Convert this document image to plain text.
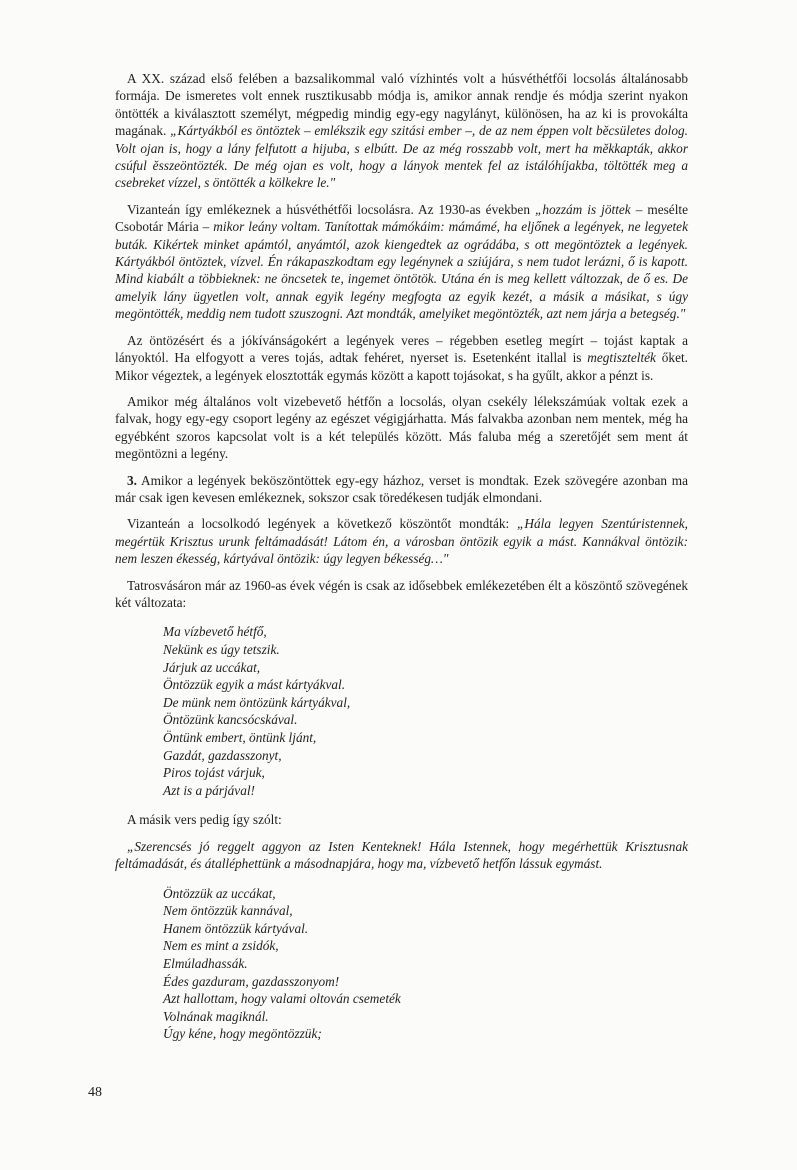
A XX. század első felében a bazsalikommal való vízhintés volt a húsvéthétfői locsolás általánosabb formája. De ismeretes volt ennek rusztikusabb módja is, amikor annak rendje és módja szerint nyakon öntötték a kiválasztott személyt, mégpedig mindig egy-egy nagylányt, különösen, ha az ki is provokálta magának. „Kártyákból es öntöztek – emlékszik egy szitási ember –, de az nem éppen volt bĕcsületes dolog. Volt ojan is, hogy a lány felfutott a hijuba, s elbútt. De az még rosszabb volt, mert ha mĕkkapták, akkor csúful ĕsszeöntözték. De még ojan es volt, hogy a lányok mentek fel az istálóhíjakba, töltötték meg a csebreket vízzel, s öntötték a kölkekre le."

Vizanteán így emlékeznek a húsvéthétfői locsolásra. Az 1930-as években „hozzám is jöttek – mesélte Csobotár Mária – mikor leány voltam. Tanítottak mámókáim: mámámé, ha eljőnek a legények, ne legyetek buták. Kikértek minket apámtól, anyámtól, azok kiengedtek az ográdába, s ott megöntöztek a legények. Kártyákból öntöztek, vízvel. Én rákapaszkodtam egy legénynek a sziújára, s nem tudot lerázni, ő is kapott. Mind kiabált a többieknek: ne öncsetek te, ingemet öntötök. Utána én is meg kellett változzak, de ő es. De amelyik lány ügyetlen volt, annak egyik legény megfogta az egyik kezét, a másik a másikat, s úgy megöntötték, meddig nem tudott szuszogni. Azt mondták, amelyiket megöntözték, azt nem járja a betegség."

Az öntözésért és a jókívánságokért a legények veres – régebben esetleg megírt – tojást kaptak a lányoktól. Ha elfogyott a veres tojás, adtak fehéret, nyerset is. Esetenként itallal is megtisztelték őket. Mikor végeztek, a legények elosztották egymás között a kapott tojásokat, s ha gyűlt, akkor a pénzt is.

Amikor még általános volt vizebevető hétfőn a locsolás, olyan csekély lélekszámúak voltak ezek a falvak, hogy egy-egy csoport legény az egészet végigjárhatta. Más falvakba azonban nem mentek, még ha egyébként szoros kapcsolat volt is a két település között. Más faluba még a szeretőjét sem ment át megöntözni a legény.

3. Amikor a legények beköszöntöttek egy-egy házhoz, verset is mondtak. Ezek szövegére azonban ma már csak igen kevesen emlékeznek, sokszor csak töredékesen tudják elmondani.

Vizanteán a locsolkodó legények a következő köszöntőt mondták: „Hála legyen Szentúristennek, megértük Krisztus urunk feltámadását! Látom én, a városban öntözik egyik a mást. Kannákval öntözik: nem leszen ékesség, kártyával öntözik: úgy legyen békesség…"

Tatrosvásáron már az 1960-as évek végén is csak az idősebbek emlékezetében élt a köszöntő szövegének két változata:

Ma vízbevető hétfő,
Nekünk es úgy tetszik.
Járjuk az uccákat,
Öntözzük egyik a mást kártyákval.
De münk nem öntözünk kártyákval,
Öntözünk kancsócskával.
Öntünk embert, öntünk ljánt,
Gazdát, gazdasszonyt,
Piros tojást várjuk,
Azt is a párjával!

A másik vers pedig így szólt:

„Szerencsés jó reggelt aggyon az Isten Kenteknek! Hála Istennek, hogy megérhettük Krisztusnak feltámadását, és átalléphettünk a másodnapjára, hogy ma, vízbevető hetfőn lássuk egymást.

Öntözzük az uccákat,
Nem öntözzük kannával,
Hanem öntözzük kártyával.
Nem es mint a zsidók,
Elmúladhassák.
Édes gazduram, gazdasszonyom!
Azt hallottam, hogy valami oltován csemeték
Volnának magiknál.
Úgy kéne, hogy megöntözzük;
48
